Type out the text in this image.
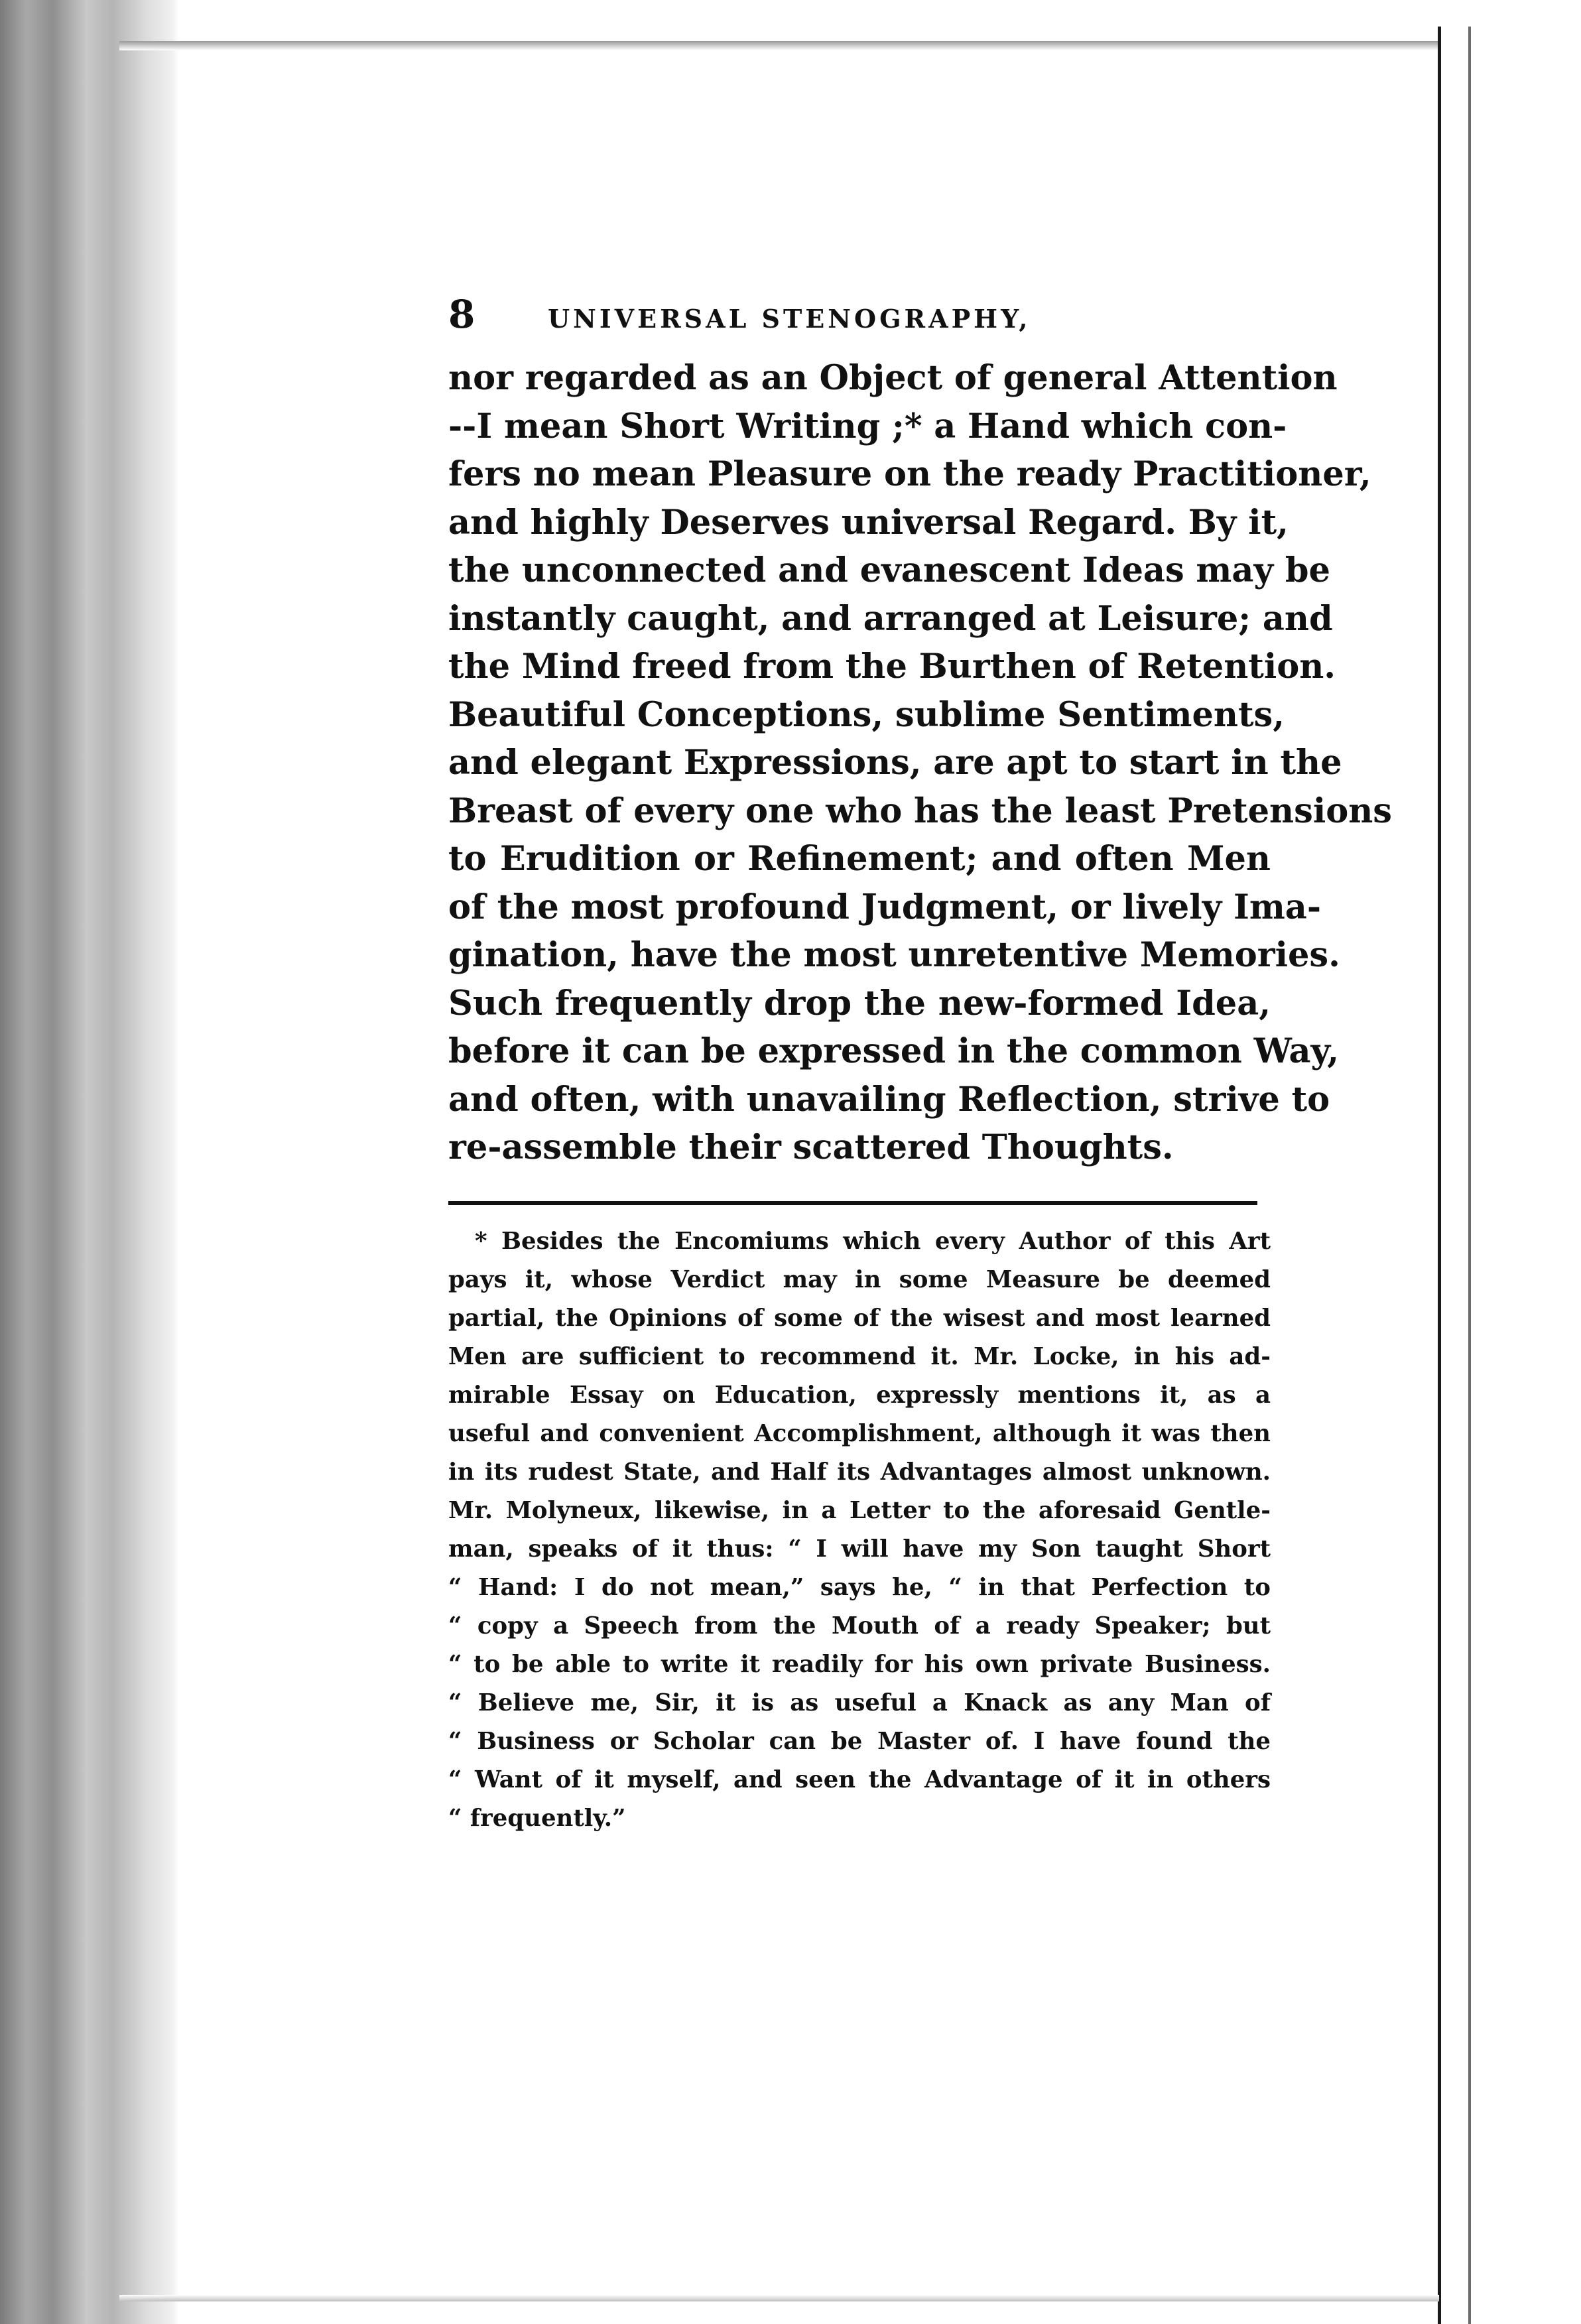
8	UNIVERSAL STENOGRAPHY,
nor regarded as an Object of general Attention
--I mean Short Writing ;* a Hand which con-
fers no mean Pleasure on the ready Practitioner,
and highly Deserves universal Regard. By it,
the unconnected and evanescent Ideas may be
instantly caught, and arranged at Leisure; and
the Mind freed from the Burthen of Retention.
Beautiful Conceptions, sublime Sentiments,
and elegant Expressions, are apt to start in the
Breast of every one who has the least Pretensions
to Erudition or Refinement; and often Men
of the most profound Judgment, or lively Ima-
gination, have the most unretentive Memories.
Such frequently drop the new-formed Idea,
before it can be expressed in the common Way,
and often, with unavailing Reflection, strive to
re-assemble their scattered Thoughts.
* Besides the Encomiums which every Author of this Art
pays it, whose Verdict may in some Measure be deemed
partial, the Opinions of some of the wisest and most learned
Men are sufficient to recommend it. Mr. Locke, in his ad-
mirable Essay on Education, expressly mentions it, as a
useful and convenient Accomplishment, although it was then
in its rudest State, and Half its Advantages almost unknown.
Mr. Molyneux, likewise, in a Letter to the aforesaid Gentle-
man, speaks of it thus: “ I will have my Son taught Short
“ Hand: I do not mean,” says he, “ in that Perfection to
“ copy a Speech from the Mouth of a ready Speaker; but
“ to be able to write it readily for his own private Business.
“ Believe me, Sir, it is as useful a Knack as any Man of
“ Business or Scholar can be Master of. I have found the
“ Want of it myself, and seen the Advantage of it in others
“ frequently.”
